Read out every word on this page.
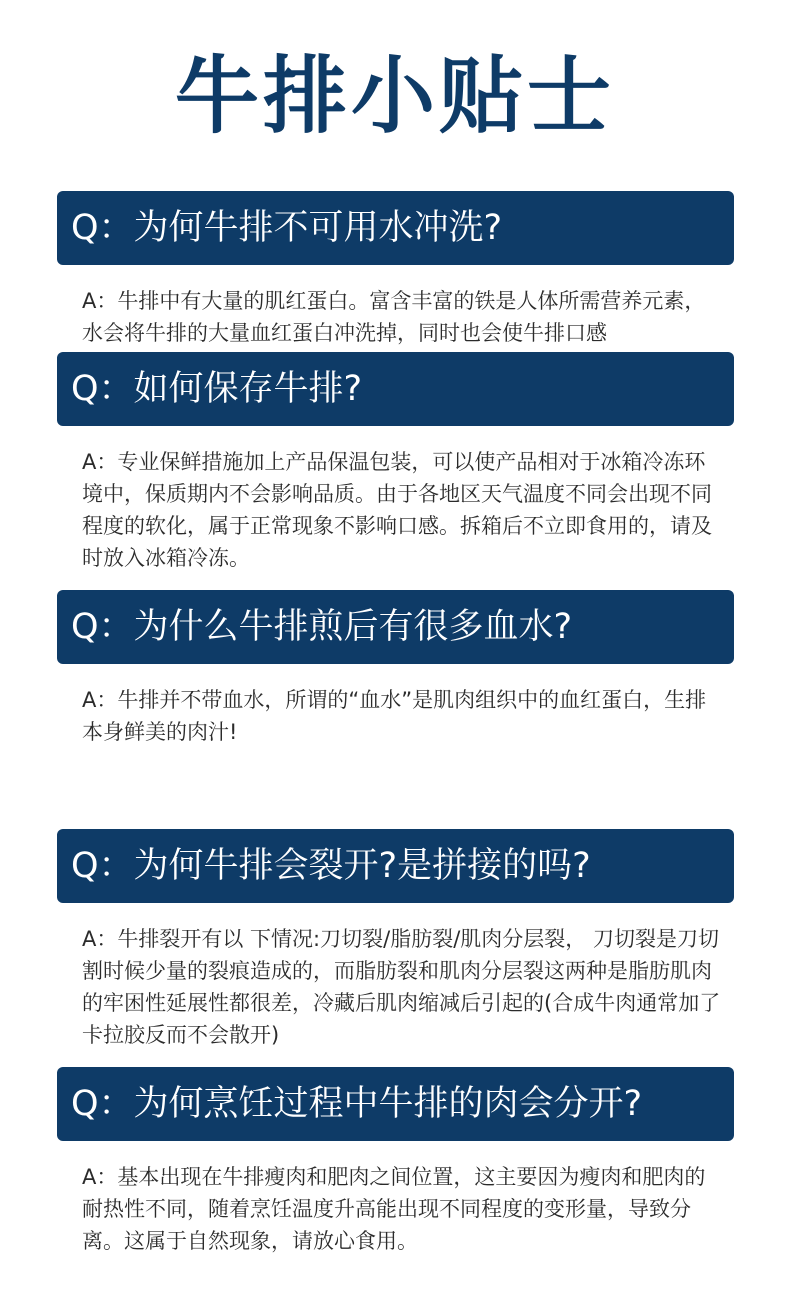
牛排小贴士
Q：为何牛排不可用水冲洗?
A：牛排中有大量的肌红蛋白。富含丰富的铁是人体所需营养元素，水会将牛排的大量血红蛋白冲洗掉，同时也会使牛排口感
Q：如何保存牛排?
A：专业保鲜措施加上产品保温包装，可以使产品相对于冰箱冷冻环境中，保质期内不会影响品质。由于各地区天气温度不同会出现不同程度的软化，属于正常现象不影响口感。拆箱后不立即食用的，请及时放入冰箱冷冻。
Q：为什么牛排煎后有很多血水?
A：牛排并不带血水，所谓的“血水”是肌肉组织中的血红蛋白，生排本身鲜美的肉汁!
Q：为何牛排会裂开?是拼接的吗?
A：牛排裂开有以 下情况:刀切裂/脂肪裂/肌肉分层裂， 刀切裂是刀切割时候少量的裂痕造成的，而脂肪裂和肌肉分层裂这两种是脂肪肌肉的牢困性延展性都很差，冷藏后肌肉缩减后引起的(合成牛肉通常加了卡拉胶反而不会散开)
Q：为何烹饪过程中牛排的肉会分开?
A：基本出现在牛排瘦肉和肥肉之间位置，这主要因为瘦肉和肥肉的耐热性不同，随着烹饪温度升高能出现不同程度的变形量，导致分离。这属于自然现象，请放心食用。
